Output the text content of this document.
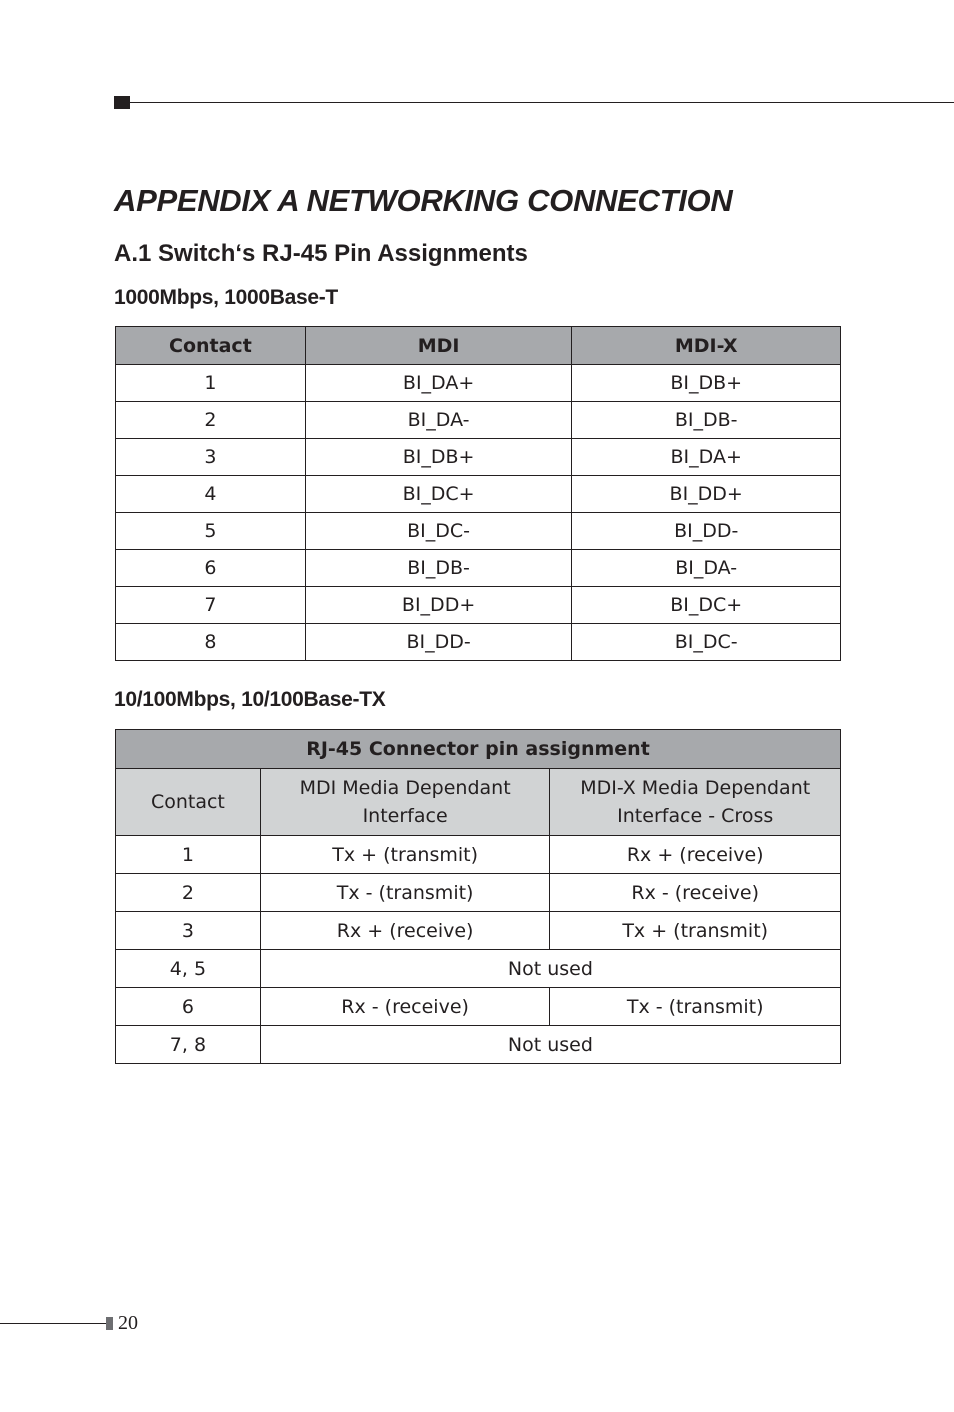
APPENDIX A NETWORKING CONNECTION
A.1 Switch‘s RJ-45 Pin Assignments
1000Mbps, 1000Base-T
Contact	MDI	MDI-X
1	BI_DA+	BI_DB+
2	BI_DA-	BI_DB-
3	BI_DB+	BI_DA+
4	BI_DC+	BI_DD+
5	BI_DC-	BI_DD-
6	BI_DB-	BI_DA-
7	BI_DD+	BI_DC+
8	BI_DD-	BI_DC-
10/100Mbps, 10/100Base-TX
RJ-45 Connector pin assignment		
Contact	MDI Media Dependant Interface	MDI-X Media Dependant Interface - Cross
1	Tx + (transmit)	Rx + (receive)
2	Tx - (transmit)	Rx - (receive)
3	Rx + (receive)	Tx + (transmit)
4, 5	Not used	
6	Rx - (receive)	Tx - (transmit)
7, 8	Not used	
20
